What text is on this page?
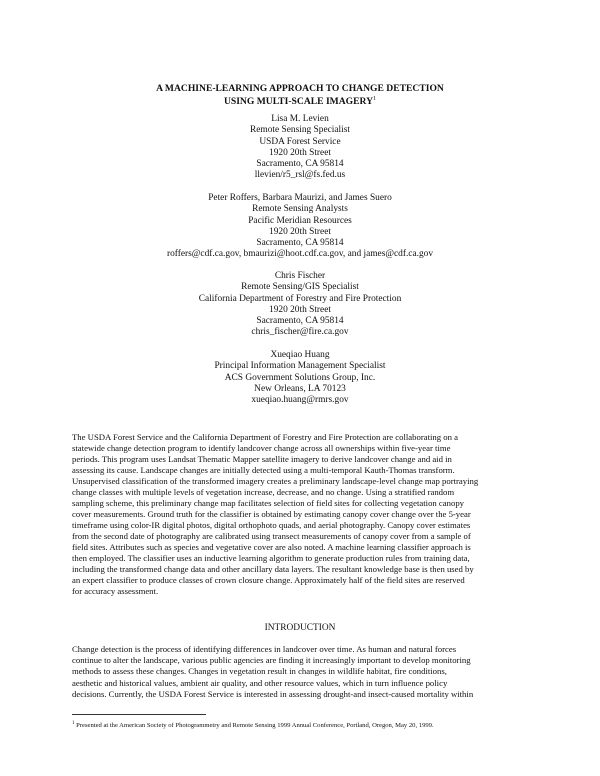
A MACHINE-LEARNING APPROACH TO CHANGE DETECTION
USING MULTI-SCALE IMAGERY$^1$
Lisa M. Levien
Remote Sensing Specialist
USDA Forest Service
1920 20th Street
Sacramento, CA 95814
llevien/r5_rsl@fs.fed.us
Peter Roffers, Barbara Maurizi, and James Suero
Remote Sensing Analysts
Pacific Meridian Resources
1920 20th Street
Sacramento, CA 95814
roffers@cdf.ca.gov, bmaurizi@hoot.cdf.ca.gov, and james@cdf.ca.gov
Chris Fischer
Remote Sensing/GIS Specialist
California Department of Forestry and Fire Protection
1920 20th Street
Sacramento, CA 95814
chris_fischer@fire.ca.gov
Xueqiao Huang
Principal Information Management Specialist
ACS Government Solutions Group, Inc.
New Orleans, LA 70123
xueqiao.huang@rmrs.gov
The USDA Forest Service and the California Department of Forestry and Fire Protection are collaborating on a
statewide change detection program to identify landcover change across all ownerships within five-year time
periods. This program uses Landsat Thematic Mapper satellite imagery to derive landcover change and aid in
assessing its cause. Landscape changes are initially detected using a multi-temporal Kauth-Thomas transform.
Unsupervised classification of the transformed imagery creates a preliminary landscape-level change map portraying
change classes with multiple levels of vegetation increase, decrease, and no change. Using a stratified random
sampling scheme, this preliminary change map facilitates selection of field sites for collecting vegetation canopy
cover measurements. Ground truth for the classifier is obtained by estimating canopy cover change over the 5-year
timeframe using color-IR digital photos, digital orthophoto quads, and aerial photography. Canopy cover estimates
from the second date of photography are calibrated using transect measurements of canopy cover from a sample of
field sites. Attributes such as species and vegetative cover are also noted. A machine learning classifier approach is
then employed. The classifier uses an inductive learning algorithm to generate production rules from training data,
including the transformed change data and other ancillary data layers. The resultant knowledge base is then used by
an expert classifier to produce classes of crown closure change. Approximately half of the field sites are reserved
for accuracy assessment.
INTRODUCTION
Change detection is the process of identifying differences in landcover over time. As human and natural forces
continue to alter the landscape, various public agencies are finding it increasingly important to develop monitoring
methods to assess these changes. Changes in vegetation result in changes in wildlife habitat, fire conditions,
aesthetic and historical values, ambient air quality, and other resource values, which in turn influence policy
decisions. Currently, the USDA Forest Service is interested in assessing drought-and insect-caused mortality within
$^1$ Presented at the American Society of Photogrammetry and Remote Sensing 1999 Annual Conference, Portland, Oregon, May 20, 1999.
